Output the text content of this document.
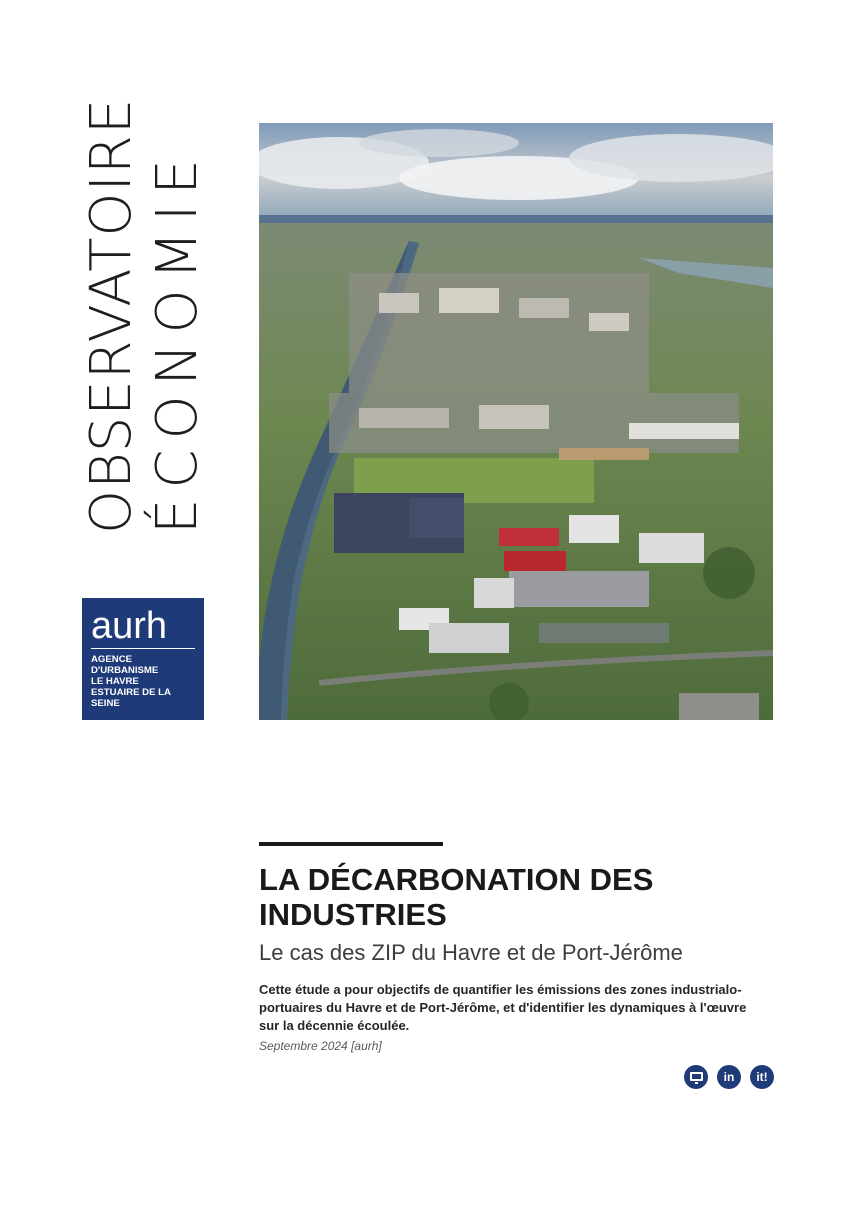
OBSERVATOIRE ÉCONOMIE
aurh
AGENCE
D'URBANISME
LE HAVRE
ESTUAIRE DE LA SEINE
LA DÉCARBONATION DES
INDUSTRIES
Le cas des ZIP du Havre et de Port-Jérôme
Cette étude a pour objectifs de quantifier les émissions des zones industrialo-portuaires du Havre et de Port-Jérôme, et d'identifier les dynamiques à l'œuvre sur la décennie écoulée.
Septembre 2024 [aurh]
in	it!
